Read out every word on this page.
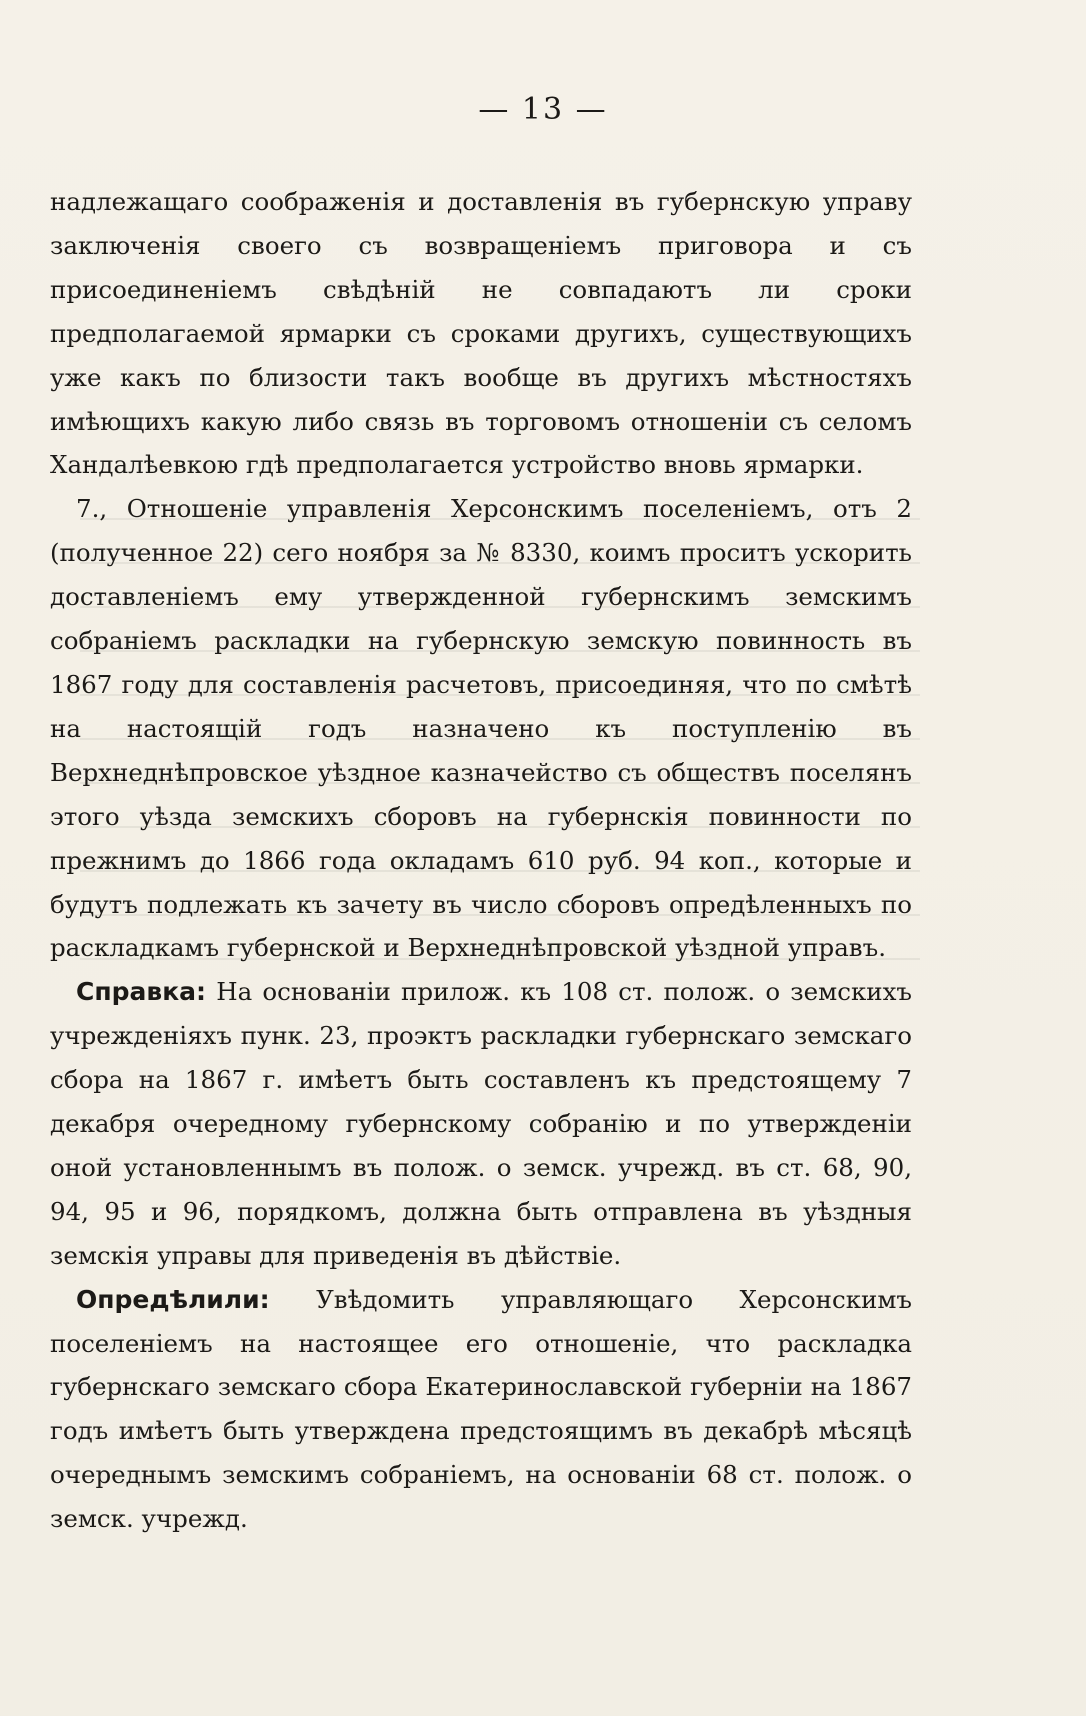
— 13 —

надлежащаго соображенія и доставленія въ губернскую управу заключенія своего съ возвращеніемъ приговора и съ присоединеніемъ свѣдѣній не совпадаютъ ли сроки предполагаемой ярмарки съ сроками другихъ, существующихъ уже какъ по близости такъ вообще въ другихъ мѣстностяхъ имѣющихъ какую либо связь въ торговомъ отношеніи съ селомъ Хандалѣевкою гдѣ предполагается устройство вновь ярмарки.

7., Отношеніе управленія Херсонскимъ поселеніемъ, отъ 2 (полученное 22) сего ноября за № 8330, коимъ проситъ ускорить доставленіемъ ему утвержденной губернскимъ земскимъ собраніемъ раскладки на губернскую земскую повинность въ 1867 году для составленія расчетовъ, присоединяя, что по смѣтѣ на настоящій годъ назначено къ поступленію въ Верхнеднѣпровское уѣздное казначейство съ обществъ поселянъ этого уѣзда земскихъ сборовъ на губернскія повинности по прежнимъ до 1866 года окладамъ 610 руб. 94 коп., которые и будутъ подлежать къ зачету въ число сборовъ опредѣленныхъ по раскладкамъ губернской и Верхнеднѣпровской уѣздной управъ.

Справка: На основаніи прилож. къ 108 ст. полож. о земскихъ учрежденіяхъ пунк. 23, проэктъ раскладки губернскаго земскаго сбора на 1867 г. имѣетъ быть составленъ къ предстоящему 7 декабря очередному губернскому собранію и по утвержденіи оной установленнымъ въ полож. о земск. учрежд. въ ст. 68, 90, 94, 95 и 96, порядкомъ, должна быть отправлена въ уѣздныя земскія управы для приведенія въ дѣйствіе.

Опредѣлили: Увѣдомить управляющаго Херсонскимъ поселеніемъ на настоящее его отношеніе, что раскладка губернскаго земскаго сбора Екатеринославской губерніи на 1867 годъ имѣетъ быть утверждена предстоящимъ въ декабрѣ мѣсяцѣ очереднымъ земскимъ собраніемъ, на основаніи 68 ст. полож. о земск. учрежд.
